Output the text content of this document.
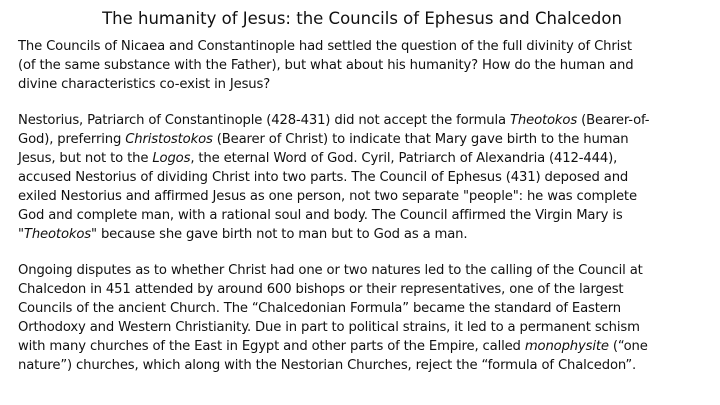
The humanity of Jesus: the Councils of Ephesus and Chalcedon
The Councils of Nicaea and Constantinople had settled the question of the full divinity of Christ
(of the same substance with the Father), but what about his humanity? How do the human and
divine characteristics co-exist in Jesus?
Nestorius, Patriarch of Constantinople (428-431) did not accept the formula Theotokos (Bearer-of-
God), preferring Christostokos (Bearer of Christ) to indicate that Mary gave birth to the human
Jesus, but not to the Logos, the eternal Word of God. Cyril, Patriarch of Alexandria (412-444),
accused Nestorius of dividing Christ into two parts. The Council of Ephesus (431) deposed and
exiled Nestorius and affirmed Jesus as one person, not two separate "people": he was complete
God and complete man, with a rational soul and body. The Council affirmed the Virgin Mary is
"Theotokos" because she gave birth not to man but to God as a man.
Ongoing disputes as to whether Christ had one or two natures led to the calling of the Council at
Chalcedon in 451 attended by around 600 bishops or their representatives, one of the largest
Councils of the ancient Church. The “Chalcedonian Formula” became the standard of Eastern
Orthodoxy and Western Christianity. Due in part to political strains, it led to a permanent schism
with many churches of the East in Egypt and other parts of the Empire, called monophysite (“one
nature”) churches, which along with the Nestorian Churches, reject the “formula of Chalcedon”.
